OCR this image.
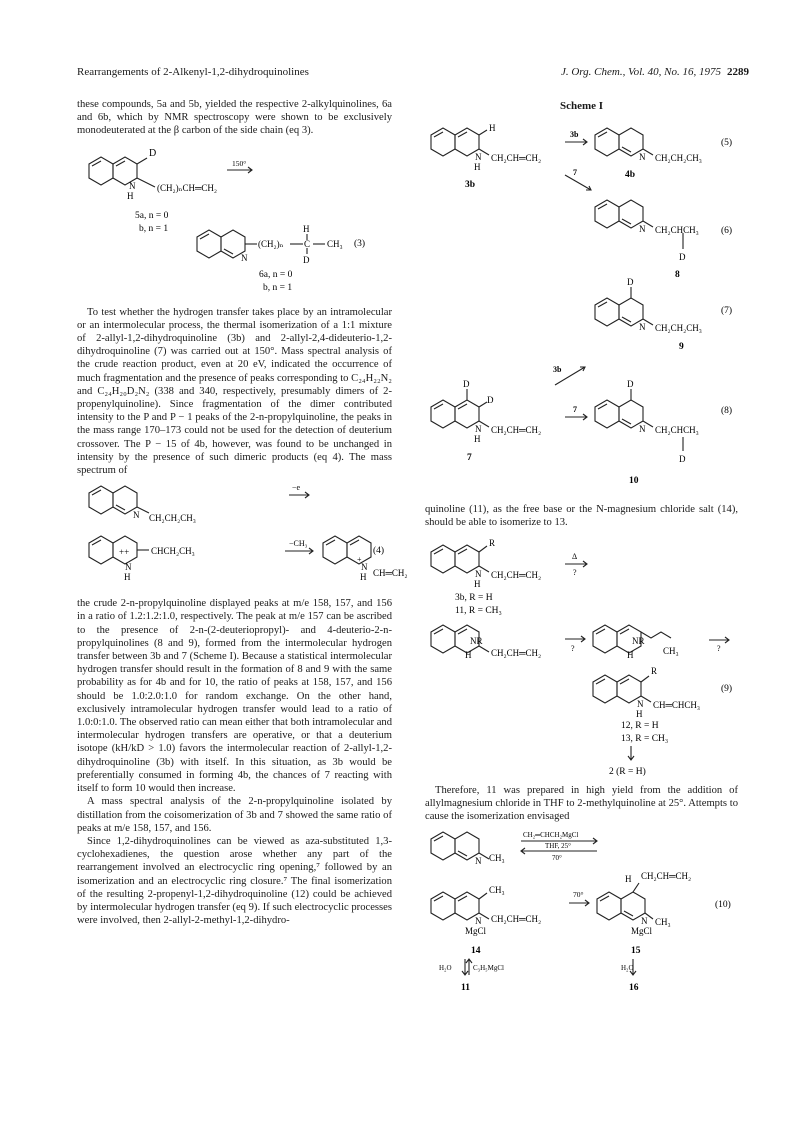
Rearrangements of 2-Alkenyl-1,2-dihydroquinolines	J. Org. Chem., Vol. 40, No. 16, 1975 2289

these compounds, 5a and 5b, yielded the respective 2-alkylquinolines, 6a and 6b, which by NMR spectroscopy were shown to be exclusively monodeuterated at the β carbon of the side chain (eq 3).

D
N
H
(CH₂)ₙCH═CH₂
150°
5a, n = 0
b, n = 1
N
(CH₂)ₙ
H
C
D
CH₃ (3)
6a, n = 0
b, n = 1

To test whether the hydrogen transfer takes place by an intramolecular or an intermolecular process, the thermal isomerization of a 1:1 mixture of 2-allyl-1,2-dihydroquinoline (3b) and 2-allyl-2,4-dideuterio-1,2-dihydroquinoline (7) was carried out at 150°. Mass spectral analysis of the crude reaction product, even at 20 eV, indicated the occurrence of much fragmentation and the presence of peaks corresponding to C₂₄H₂₂N₂ and C₂₄H₂₀D₂N₂ (338 and 340, respectively, presumably dimers of 2-propenylquinoline). Since fragmentation of the dimer contributed intensity to the P and P − 1 peaks of the 2-n-propylquinoline, the peaks in the mass range 170–173 could not be used for the detection of deuterium crossover. The P − 15 of 4b, however, was found to be unchanged in intensity by the presence of such dimeric products (eq 4). The mass spectrum of

N CH₂CH₂CH₃
−e
++
N
H
CHCH₂CH₃
−CH₃
N
+
H CH═CH₂
(4)

the crude 2-n-propylquinoline displayed peaks at m/e 158, 157, and 156 in a ratio of 1.2:1.2:1.0, respectively. The peak at m/e 157 can be ascribed to the presence of 2-n-(2-deuteriopropyl)- and 4-deuterio-2-n-propylquinolines (8 and 9), formed from the intermolecular hydrogen transfer between 3b and 7 (Scheme I). Because a statistical intermolecular hydrogen transfer should result in the formation of 8 and 9 with the same probability as for 4b and for 10, the ratio of peaks at 158, 157, and 156 should be 1.0:2.0:1.0 for random exchange. On the other hand, exclusively intramolecular hydrogen transfer would lead to a ratio of 1.0:0:1.0. The observed ratio can mean either that both intramolecular and intermolecular hydrogen transfers are operative, or that a deuterium isotope (kH/kD > 1.0) favors the intermolecular reaction of 2-allyl-1,2-dihydroquinoline (3b) with itself. In this situation, as 3b would be preferentially consumed in forming 4b, the chances of 7 reacting with itself to form 10 would then increase.

A mass spectral analysis of the 2-n-propylquinoline isolated by distillation from the coisomerization of 3b and 7 showed the same ratio of peaks at m/e 158, 157, and 156.

Since 1,2-dihydroquinolines can be viewed as aza-substituted 1,3-cyclohexadienes, the question arose whether any part of the rearrangement involved an electrocyclic ring opening,⁷ followed by an isomerization and an electrocyclic ring closure.⁷ The final isomerization of the resulting 2-propenyl-1,2-dihydroquinoline (12) could be achieved by intermolecular hydrogen transfer (eq 9). If such electrocyclic processes were involved, then 2-allyl-2-methyl-1,2-dihydro-

Scheme I
H
N
H
CH₂CH═CH₂
3b
3b
N CH₂CH₂CH₃
(5)
4b
7
N CH₂CHCH₃
D
(6)
8
D
N CH₂CH₂CH₃
(7)
9
3b
D
D
N
H
CH₂CH═CH₂
7
7
D
N CH₂CHCH₃
D
(8)
10

quinoline (11), as the free base or the N-magnesium chloride salt (14), should be able to isomerize to 13.

R
N
H
CH₂CH═CH₂
Δ
?
3b, R = H
11, R = CH₃
NR
H CH₂CH═CH₂	?
NR
H	CH₃	?
R
N
H
CH═CHCH₃
(9)
12, R = H
13, R = CH₃
2 (R = H)

Therefore, 11 was prepared in high yield from the addition of allylmagnesium chloride in THF to 2-methylquinoline at 25°. Attempts to cause the isomerization envisaged

N CH₃
CH₂═CHCH₂MgCl
THF, 25°
70°
CH₃
N CH₂CH═CH₂
MgCl
70°
14
H₂O	C₃H₅MgCl
11
H CH₂CH═CH₂
N CH₃
MgCl
(10)
15
H₂O
16
